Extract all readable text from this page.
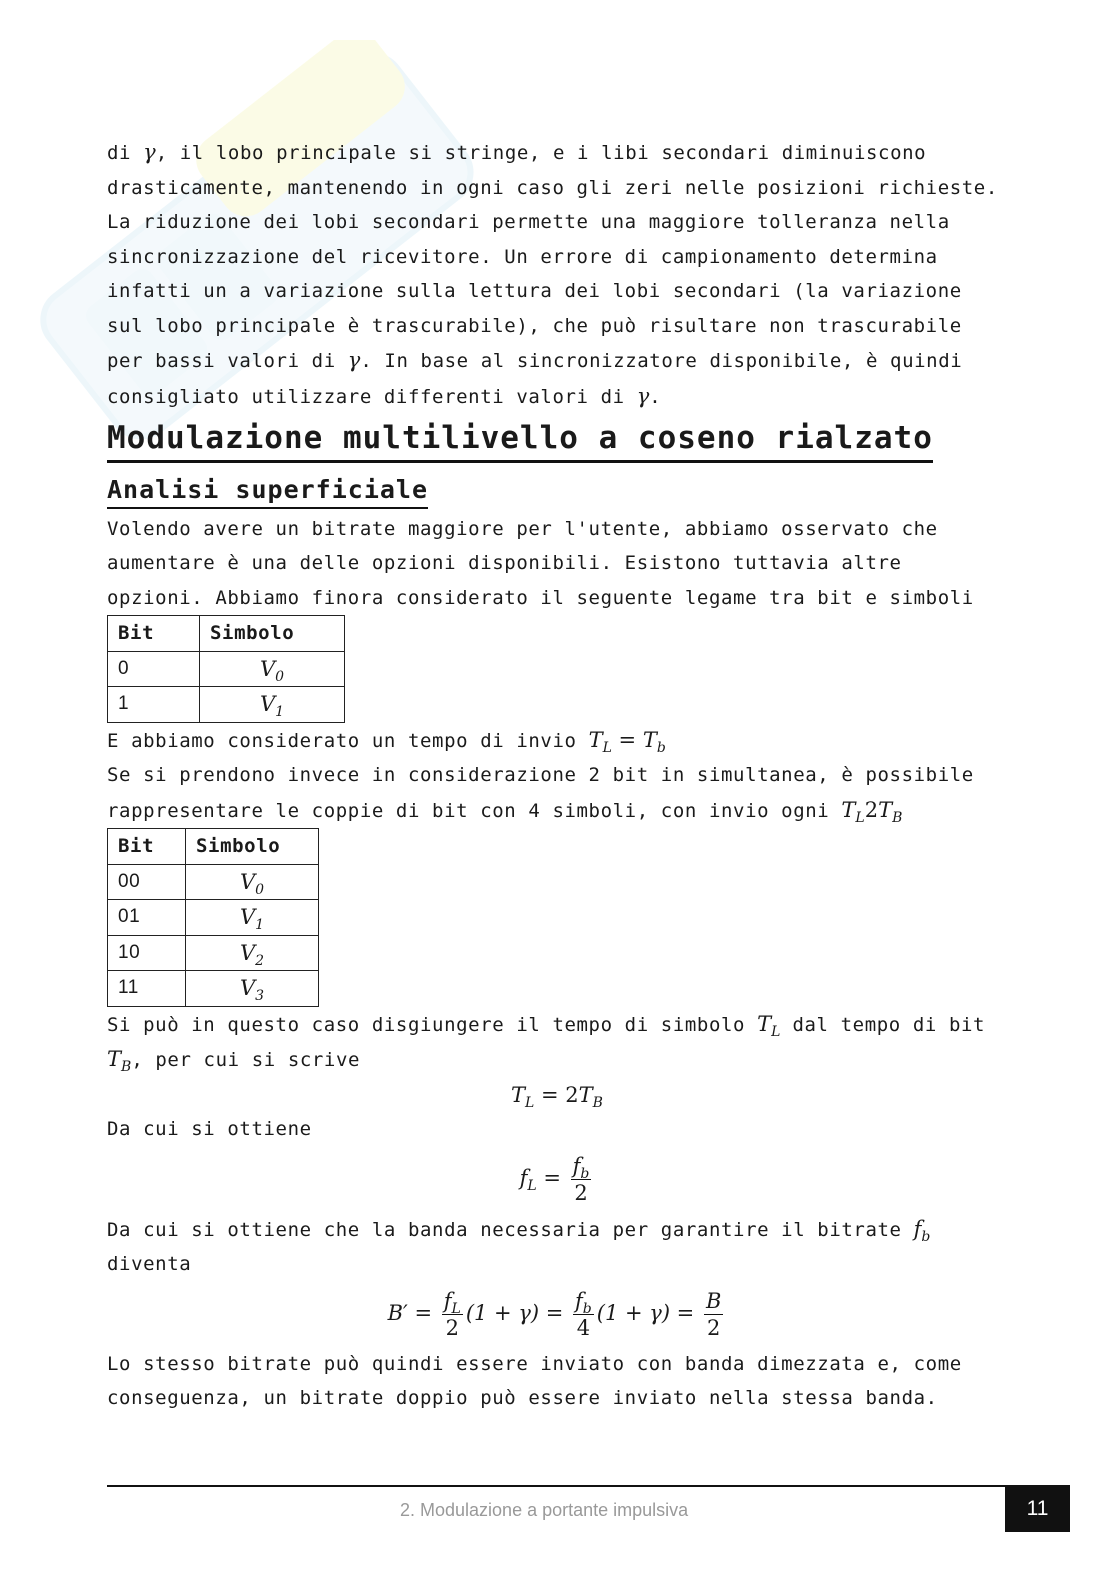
di γ, il lobo principale si stringe, e i libi secondari diminuiscono drasticamente, mantenendo in ogni caso gli zeri nelle posizioni richieste. La riduzione dei lobi secondari permette una maggiore tolleranza nella sincronizzazione del ricevitore. Un errore di campionamento determina infatti un a variazione sulla lettura dei lobi secondari (la variazione sul lobo principale è trascurabile), che può risultare non trascurabile per bassi valori di γ. In base al sincronizzatore disponibile, è quindi consigliato utilizzare differenti valori di γ.

Modulazione multilivello a coseno rialzato
Analisi superficiale

Volendo avere un bitrate maggiore per l'utente, abbiamo osservato che aumentare è una delle opzioni disponibili. Esistono tuttavia altre opzioni. Abbiamo finora considerato il seguente legame tra bit e simboli

Bit	Simbolo
0	$V_0$
1	$V_1$

E abbiamo considerato un tempo di invio $T_L = T_b$

Se si prendono invece in considerazione 2 bit in simultanea, è possibile rappresentare le coppie di bit con 4 simboli, con invio ogni $T_L2T_B$

Bit	Simbolo
00	$V_0$
01	$V_1$
10	$V_2$
11	$V_3$

Si può in questo caso disgiungere il tempo di simbolo $T_L$ dal tempo di bit $T_B$, per cui si scrive

$T_L = 2T_B$

Da cui si ottiene

$f_L = \frac{f_b}{2}$

Da cui si ottiene che la banda necessaria per garantire il bitrate $f_b$
diventa

$B' = \frac{f_L}{2} (1 + \gamma) = \frac{f_b}{4} (1 + \gamma) = \frac{B}{2}$

Lo stesso bitrate può quindi essere inviato con banda dimezzata e, come conseguenza, un bitrate doppio può essere inviato nella stessa banda.

2. Modulazione a portante impulsiva	11
